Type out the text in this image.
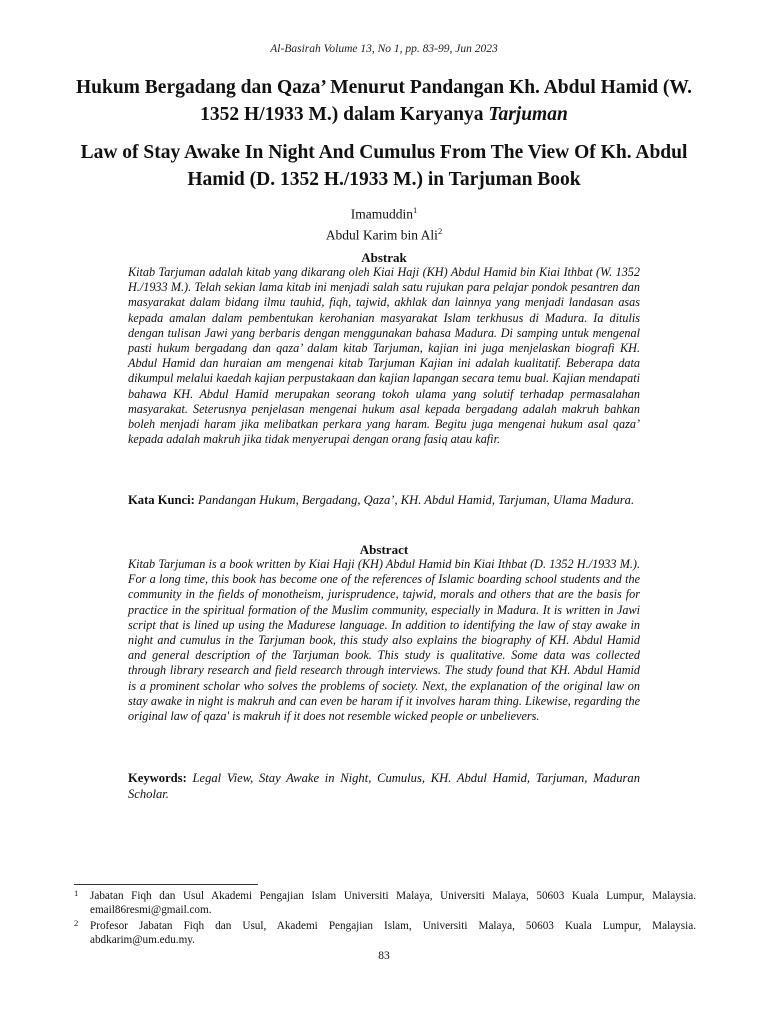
Al-Basirah Volume 13, No 1, pp. 83-99, Jun 2023
Hukum Bergadang dan Qaza’ Menurut Pandangan Kh. Abdul Hamid (W. 1352 H/1933 M.) dalam Karyanya Tarjuman
Law of Stay Awake In Night And Cumulus From The View Of Kh. Abdul Hamid (D. 1352 H./1933 M.) in Tarjuman Book
Imamuddin$^1$
Abdul Karim bin Ali$^2$
Abstrak
Kitab Tarjuman adalah kitab yang dikarang oleh Kiai Haji (KH) Abdul Hamid bin Kiai Ithbat (W. 1352 H./1933 M.). Telah sekian lama kitab ini menjadi salah satu rujukan para pelajar pondok pesantren dan masyarakat dalam bidang ilmu tauhid, fiqh, tajwid, akhlak dan lainnya yang menjadi landasan asas kepada amalan dalam pembentukan kerohanian masyarakat Islam terkhusus di Madura. Ia ditulis dengan tulisan Jawi yang berbaris dengan menggunakan bahasa Madura. Di samping untuk mengenal pasti hukum bergadang dan qaza’ dalam kitab Tarjuman, kajian ini juga menjelaskan biografi KH. Abdul Hamid dan huraian am mengenai kitab Tarjuman Kajian ini adalah kualitatif. Beberapa data dikumpul melalui kaedah kajian perpustakaan dan kajian lapangan secara temu bual. Kajian mendapati bahawa KH. Abdul Hamid merupakan seorang tokoh ulama yang solutif terhadap permasalahan masyarakat. Seterusnya penjelasan mengenai hukum asal kepada bergadang adalah makruh bahkan boleh menjadi haram jika melibatkan perkara yang haram. Begitu juga mengenai hukum asal qaza’ kepada adalah makruh jika tidak menyerupai dengan orang fasiq atau kafir.
Kata Kunci: Pandangan Hukum, Bergadang, Qaza’, KH. Abdul Hamid, Tarjuman, Ulama Madura.
Abstract
Kitab Tarjuman is a book written by Kiai Haji (KH) Abdul Hamid bin Kiai Ithbat (D. 1352 H./1933 M.). For a long time, this book has become one of the references of Islamic boarding school students and the community in the fields of monotheism, jurisprudence, tajwid, morals and others that are the basis for practice in the spiritual formation of the Muslim community, especially in Madura. It is written in Jawi script that is lined up using the Madurese language. In addition to identifying the law of stay awake in night and cumulus in the Tarjuman book, this study also explains the biography of KH. Abdul Hamid and general description of the Tarjuman book. This study is qualitative. Some data was collected through library research and field research through interviews. The study found that KH. Abdul Hamid is a prominent scholar who solves the problems of society. Next, the explanation of the original law on stay awake in night is makruh and can even be haram if it involves haram thing. Likewise, regarding the original law of qaza' is makruh if it does not resemble wicked people or unbelievers.
Keywords: Legal View, Stay Awake in Night, Cumulus, KH. Abdul Hamid, Tarjuman, Maduran Scholar.
1 Jabatan Fiqh dan Usul Akademi Pengajian Islam Universiti Malaya, Universiti Malaya, 50603 Kuala Lumpur, Malaysia. email86resmi@gmail.com.
2 Profesor Jabatan Fiqh dan Usul, Akademi Pengajian Islam, Universiti Malaya, 50603 Kuala Lumpur, Malaysia. abdkarim@um.edu.my.
83
